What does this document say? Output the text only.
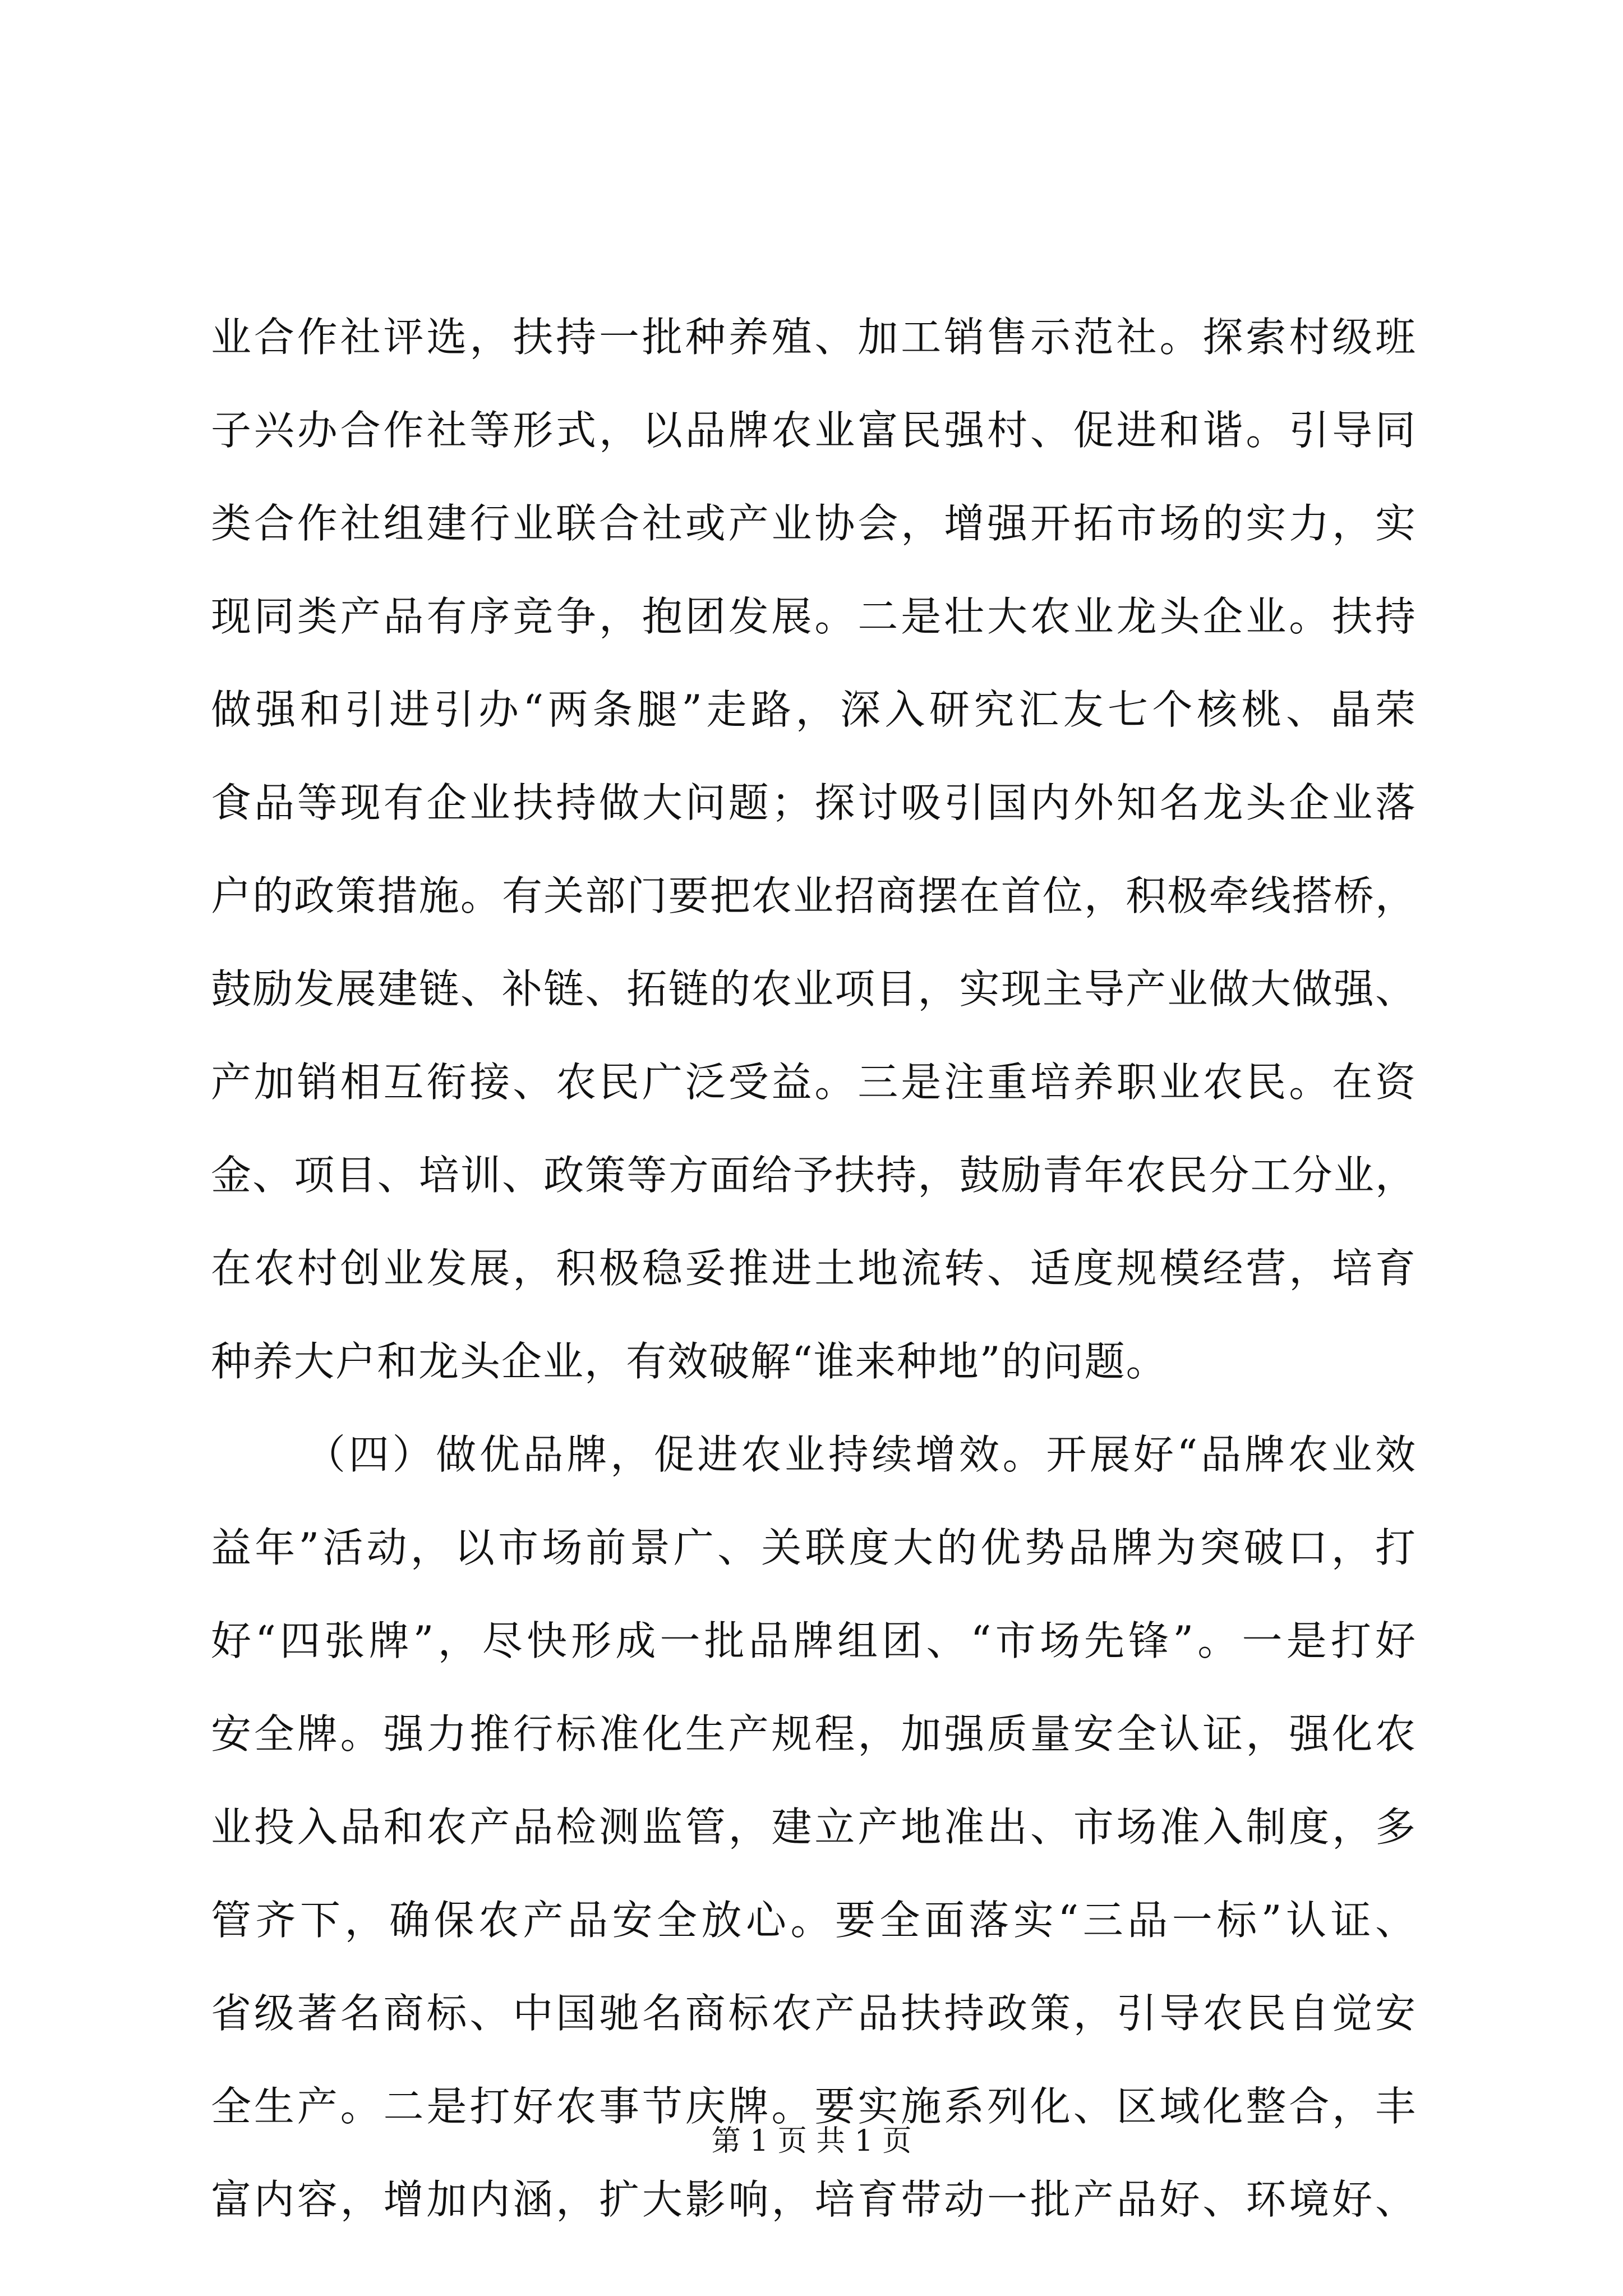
业合作社评选，扶持一批种养殖、加工销售示范社。探索村级班
子兴办合作社等形式，以品牌农业富民强村、促进和谐。引导同
类合作社组建行业联合社或产业协会，增强开拓市场的实力，实
现同类产品有序竞争，抱团发展。二是壮大农业龙头企业。扶持
做强和引进引办“两条腿”走路，深入研究汇友七个核桃、晶荣
食品等现有企业扶持做大问题；探讨吸引国内外知名龙头企业落
户的政策措施。有关部门要把农业招商摆在首位，积极牵线搭桥，
鼓励发展建链、补链、拓链的农业项目，实现主导产业做大做强、
产加销相互衔接、农民广泛受益。三是注重培养职业农民。在资
金、项目、培训、政策等方面给予扶持，鼓励青年农民分工分业，
在农村创业发展，积极稳妥推进土地流转、适度规模经营，培育
种养大户和龙头企业，有效破解“谁来种地”的问题。
（四）做优品牌，促进农业持续增效。开展好“品牌农业效
益年”活动，以市场前景广、关联度大的优势品牌为突破口，打
好“四张牌”，尽快形成一批品牌组团、“市场先锋”。一是打好
安全牌。强力推行标准化生产规程，加强质量安全认证，强化农
业投入品和农产品检测监管，建立产地准出、市场准入制度，多
管齐下，确保农产品安全放心。要全面落实“三品一标”认证、
省级著名商标、中国驰名商标农产品扶持政策，引导农民自觉安
全生产。二是打好农事节庆牌。要实施系列化、区域化整合，丰
富内容，增加内涵，扩大影响，培育带动一批产品好、环境好、
第 1 页 共 1 页
